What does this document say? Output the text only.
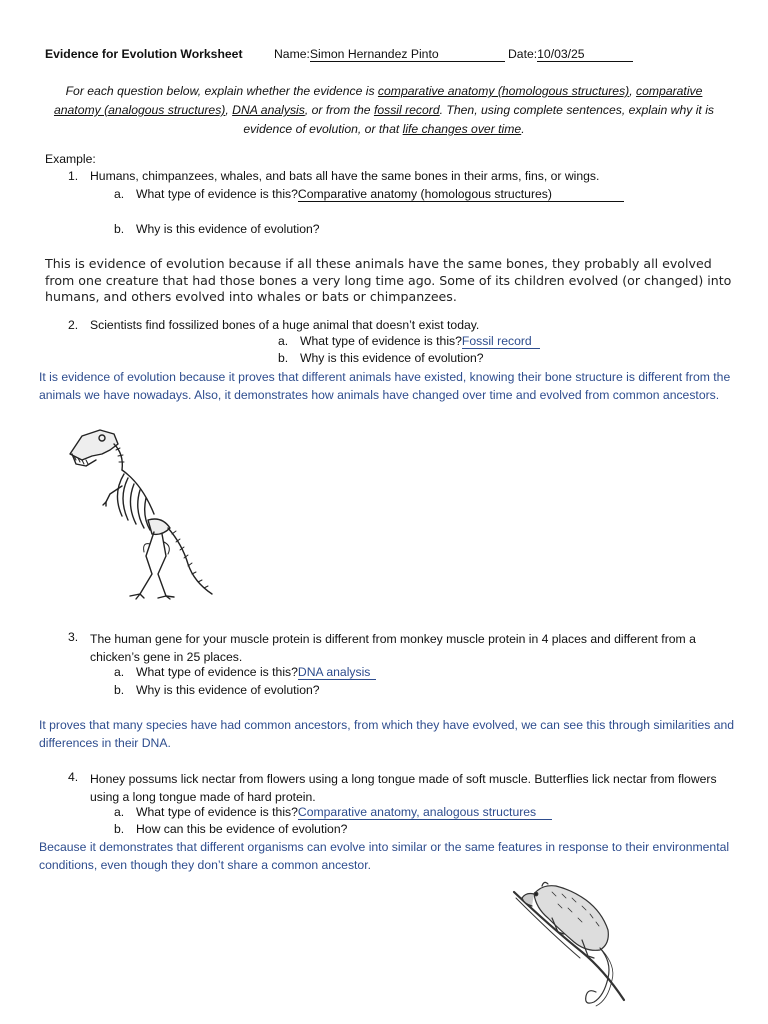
Evidence for Evolution Worksheet	Name:Simon Hernandez Pinto	Date:10/03/25
For each question below, explain whether the evidence is comparative anatomy (homologous structures), comparative anatomy (analogous structures), DNA analysis, or from the fossil record. Then, using complete sentences, explain why it is evidence of evolution, or that life changes over time.
Example:
1. Humans, chimpanzees, whales, and bats all have the same bones in their arms, fins, or wings.
a. What type of evidence is this?Comparative anatomy (homologous structures)
b. Why is this evidence of evolution?
This is evidence of evolution because if all these animals have the same bones, they probably all evolved from one creature that had those bones a very long time ago. Some of its children evolved (or changed) into humans, and others evolved into whales or bats or chimpanzees.
2. Scientists find fossilized bones of a huge animal that doesn’t exist today.
a. What type of evidence is this?Fossil record
b. Why is this evidence of evolution?
It is evidence of evolution because it proves that different animals have existed, knowing their bone structure is different from the animals we have nowadays. Also, it demonstrates how animals have changed over time and evolved from common ancestors.
3. The human gene for your muscle protein is different from monkey muscle protein in 4 places and different from a chicken’s gene in 25 places.
a. What type of evidence is this?DNA analysis
b. Why is this evidence of evolution?
It proves that many species have had common ancestors, from which they have evolved, we can see this through similarities and differences in their DNA.
4. Honey possums lick nectar from flowers using a long tongue made of soft muscle. Butterflies lick nectar from flowers using a long tongue made of hard protein.
a. What type of evidence is this?Comparative anatomy, analogous structures
b. How can this be evidence of evolution?
Because it demonstrates that different organisms can evolve into similar or the same features in response to their environmental conditions, even though they don’t share a common ancestor.
